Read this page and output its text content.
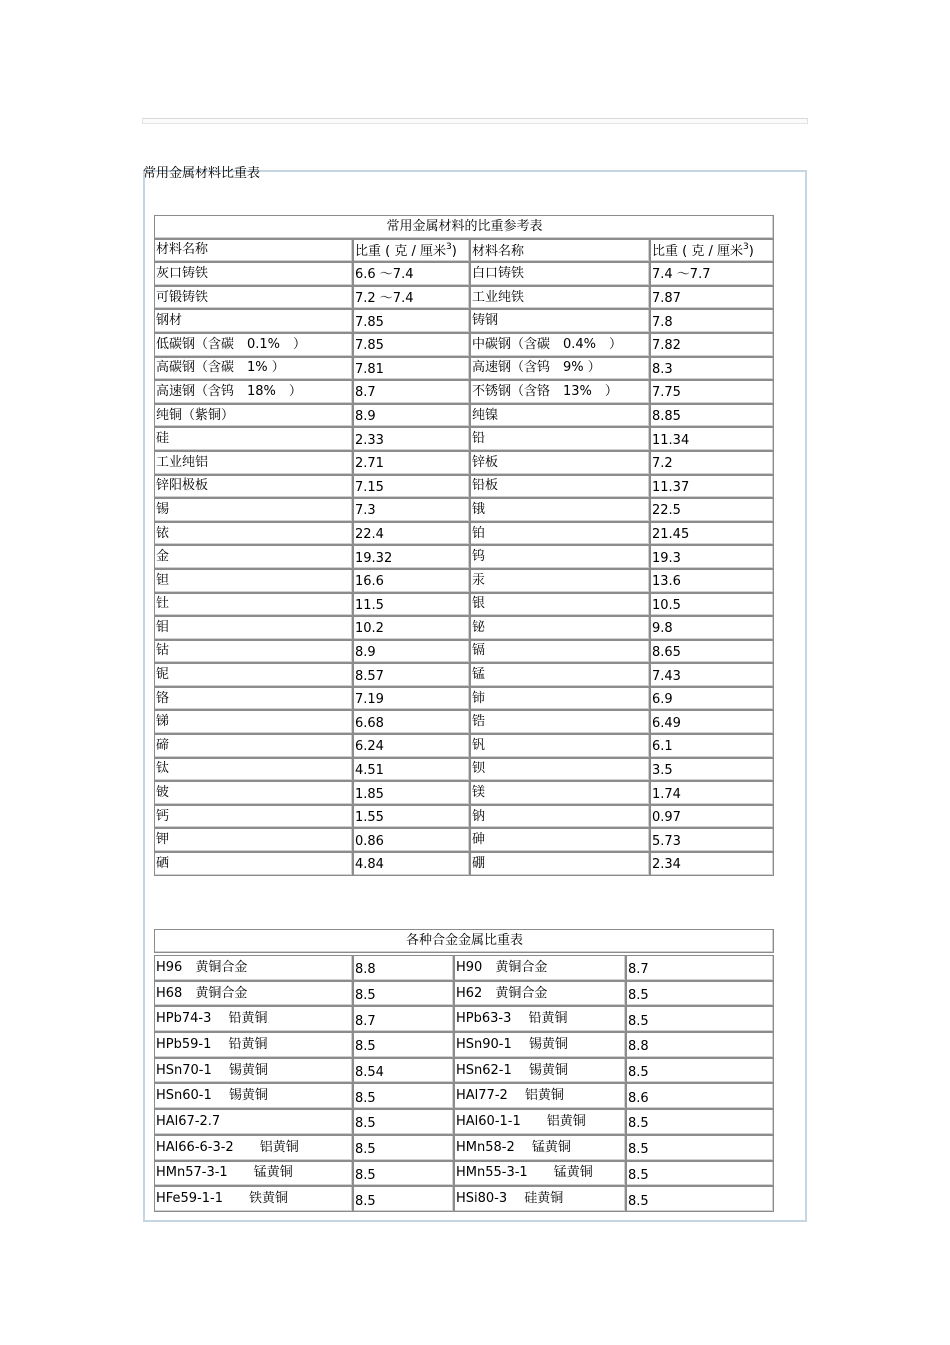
常用金属材料比重表
常用金属材料的比重参考表			
材料名称	比重 ( 克 / 厘米$^3$)	材料名称	比重 ( 克 / 厘米$^3$)
灰口铸铁	6.6 ～7.4	白口铸铁	7.4 ～7.7
可锻铸铁	7.2 ～7.4	工业纯铁	7.87
钢材	7.85	铸钢	7.8
低碳钢（含碳　0.1%　）	7.85	中碳钢（含碳　0.4%　）	7.82
高碳钢（含碳　1% ）	7.81	高速钢（含钨　9% ）	8.3
高速钢（含钨　18%　）	8.7	不锈钢（含铬　13%　）	7.75
纯铜（紫铜）	8.9	纯镍	8.85
硅	2.33	铅	11.34
工业纯铝	2.71	锌板	7.2
锌阳极板	7.15	铅板	11.37
锡	7.3	锇	22.5
铱	22.4	铂	21.45
金	19.32	钨	19.3
钽	16.6	汞	13.6
钍	11.5	银	10.5
钼	10.2	铋	9.8
钴	8.9	镉	8.65
铌	8.57	锰	7.43
铬	7.19	铈	6.9
锑	6.68	锆	6.49
碲	6.24	钒	6.1
钛	4.51	钡	3.5
铍	1.85	镁	1.74
钙	1.55	钠	0.97
钾	0.86	砷	5.73
硒	4.84	硼	2.34
各种合金金属比重表
H96　黄铜合金	8.8	H90　黄铜合金	8.7
H68　黄铜合金	8.5	H62　黄铜合金	8.5
HPb74-3　 铅黄铜	8.7	HPb63-3　 铅黄铜	8.5
HPb59-1　 铅黄铜	8.5	HSn90-1　 锡黄铜	8.8
HSn70-1　 锡黄铜	8.54	HSn62-1　 锡黄铜	8.5
HSn60-1　 锡黄铜	8.5	HAl77-2　 铝黄铜	8.6
HAl67-2.7	8.5	HAl60-1-1　　铝黄铜	8.5
HAl66-6-3-2　　铝黄铜	8.5	HMn58-2　 锰黄铜	8.5
HMn57-3-1　　锰黄铜	8.5	HMn55-3-1　　锰黄铜	8.5
HFe59-1-1　　铁黄铜	8.5	HSi80-3　 硅黄铜	8.5
